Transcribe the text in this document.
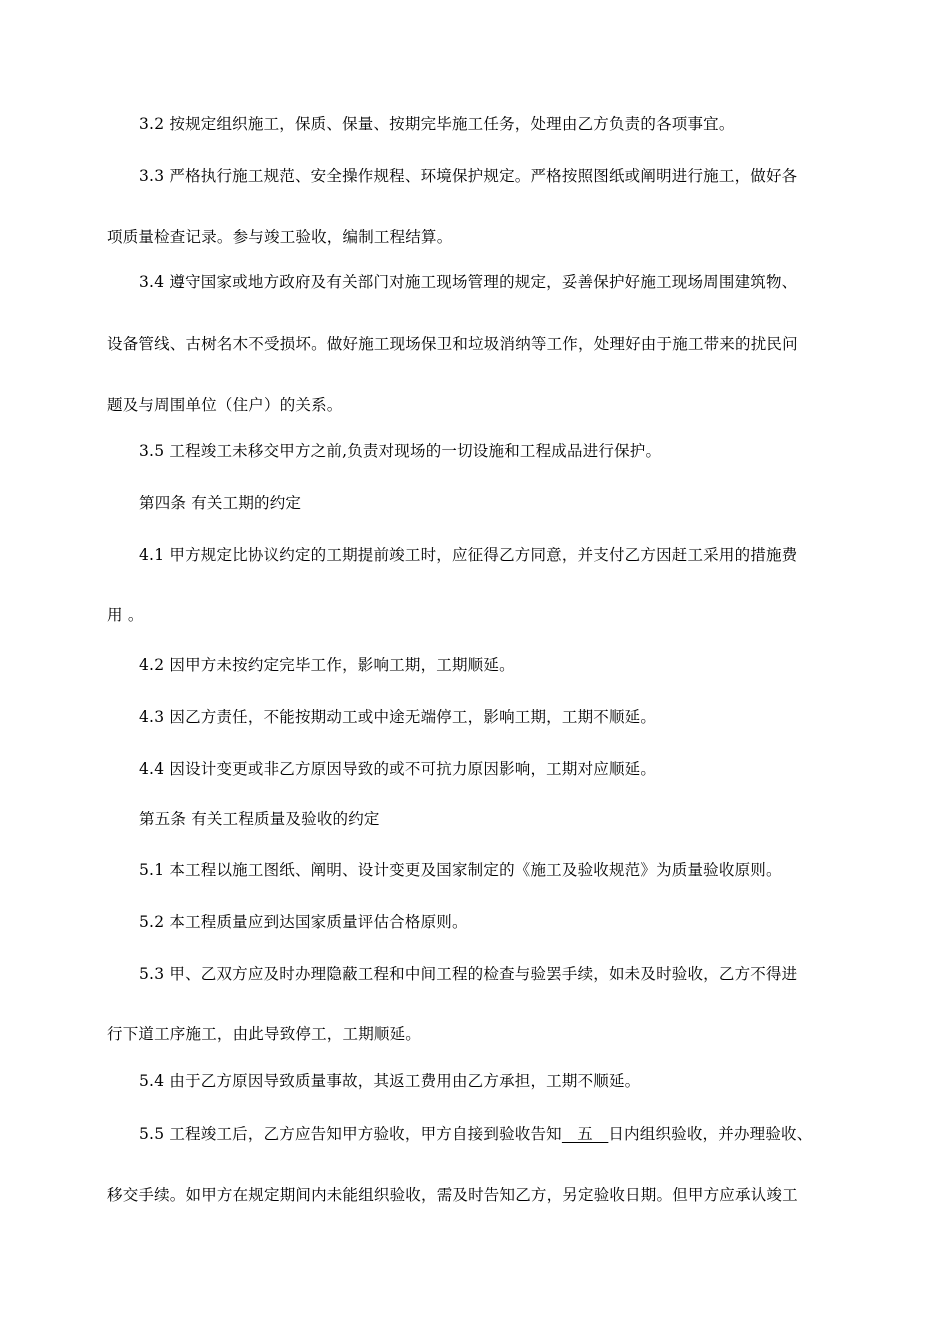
3.2 按规定组织施工，保质、保量、按期完毕施工任务，处理由乙方负责的各项事宜。
3.3 严格执行施工规范、安全操作规程、环境保护规定。严格按照图纸或阐明进行施工，做好各
项质量检查记录。参与竣工验收，编制工程结算。
3.4 遵守国家或地方政府及有关部门对施工现场管理的规定，妥善保护好施工现场周围建筑物、
设备管线、古树名木不受损坏。做好施工现场保卫和垃圾消纳等工作，处理好由于施工带来的扰民问
题及与周围单位（住户）的关系。
3.5 工程竣工未移交甲方之前,负责对现场的一切设施和工程成品进行保护。
第四条 有关工期的约定
4.1 甲方规定比协议约定的工期提前竣工时，应征得乙方同意，并支付乙方因赶工采用的措施费
用 。
4.2 因甲方未按约定完毕工作，影响工期，工期顺延。
4.3 因乙方责任，不能按期动工或中途无端停工，影响工期，工期不顺延。
4.4 因设计变更或非乙方原因导致的或不可抗力原因影响，工期对应顺延。
第五条 有关工程质量及验收的约定
5.1 本工程以施工图纸、阐明、设计变更及国家制定的《施工及验收规范》为质量验收原则。
5.2 本工程质量应到达国家质量评估合格原则。
5.3 甲、乙双方应及时办理隐蔽工程和中间工程的检查与验罢手续，如未及时验收，乙方不得进
行下道工序施工，由此导致停工，工期顺延。
5.4 由于乙方原因导致质量事故，其返工费用由乙方承担，工期不顺延。
5.5 工程竣工后，乙方应告知甲方验收，甲方自接到验收告知   五   日内组织验收，并办理验收、
移交手续。如甲方在规定期间内未能组织验收，需及时告知乙方，另定验收日期。但甲方应承认竣工
